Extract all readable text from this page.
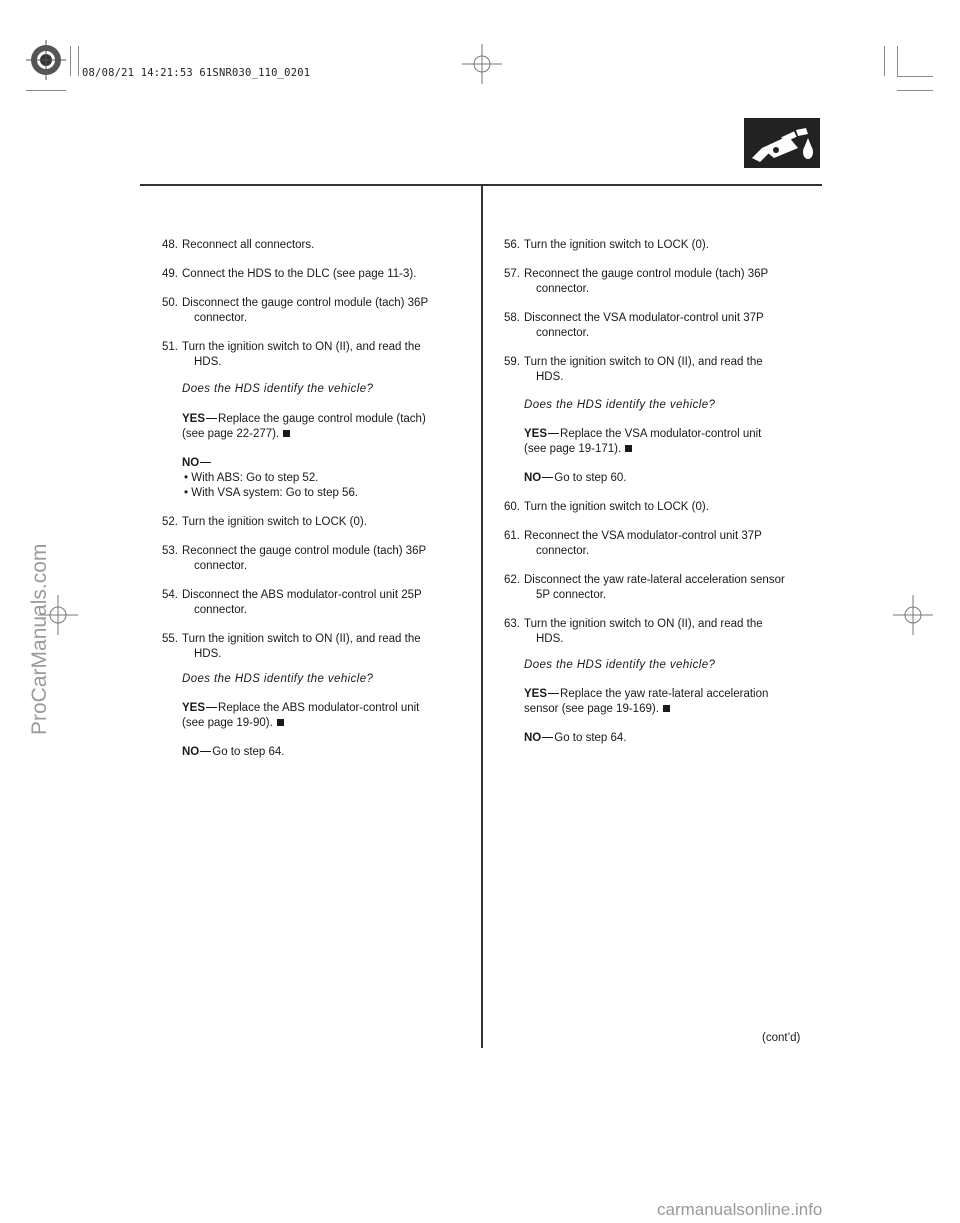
08/08/21 14:21:53 61SNR030_110_0201
48. Reconnect all connectors.
49. Connect the HDS to the DLC (see page 11-3).
50. Disconnect the gauge control module (tach) 36P
connector.
51. Turn the ignition switch to ON (II), and read the
HDS.
Does the HDS identify the vehicle?
YES Replace the gauge control module (tach)
(see page 22-277).
NO
• With ABS: Go to step 52.
• With VSA system: Go to step 56.
52. Turn the ignition switch to LOCK (0).
53. Reconnect the gauge control module (tach) 36P
connector.
54. Disconnect the ABS modulator-control unit 25P
connector.
55. Turn the ignition switch to ON (II), and read the
HDS.
Does the HDS identify the vehicle?
YES Replace the ABS modulator-control unit
(see page 19-90).
NO Go to step 64.
56. Turn the ignition switch to LOCK (0).
57. Reconnect the gauge control module (tach) 36P
connector.
58. Disconnect the VSA modulator-control unit 37P
connector.
59. Turn the ignition switch to ON (II), and read the
HDS.
Does the HDS identify the vehicle?
YES Replace the VSA modulator-control unit
(see page 19-171).
NO Go to step 60.
60. Turn the ignition switch to LOCK (0).
61. Reconnect the VSA modulator-control unit 37P
connector.
62. Disconnect the yaw rate-lateral acceleration sensor
5P connector.
63. Turn the ignition switch to ON (II), and read the
HDS.
Does the HDS identify the vehicle?
YES Replace the yaw rate-lateral acceleration
sensor (see page 19-169).
NO Go to step 64.
(cont’d)
ProCarManuals.com
carmanualsonline.info
